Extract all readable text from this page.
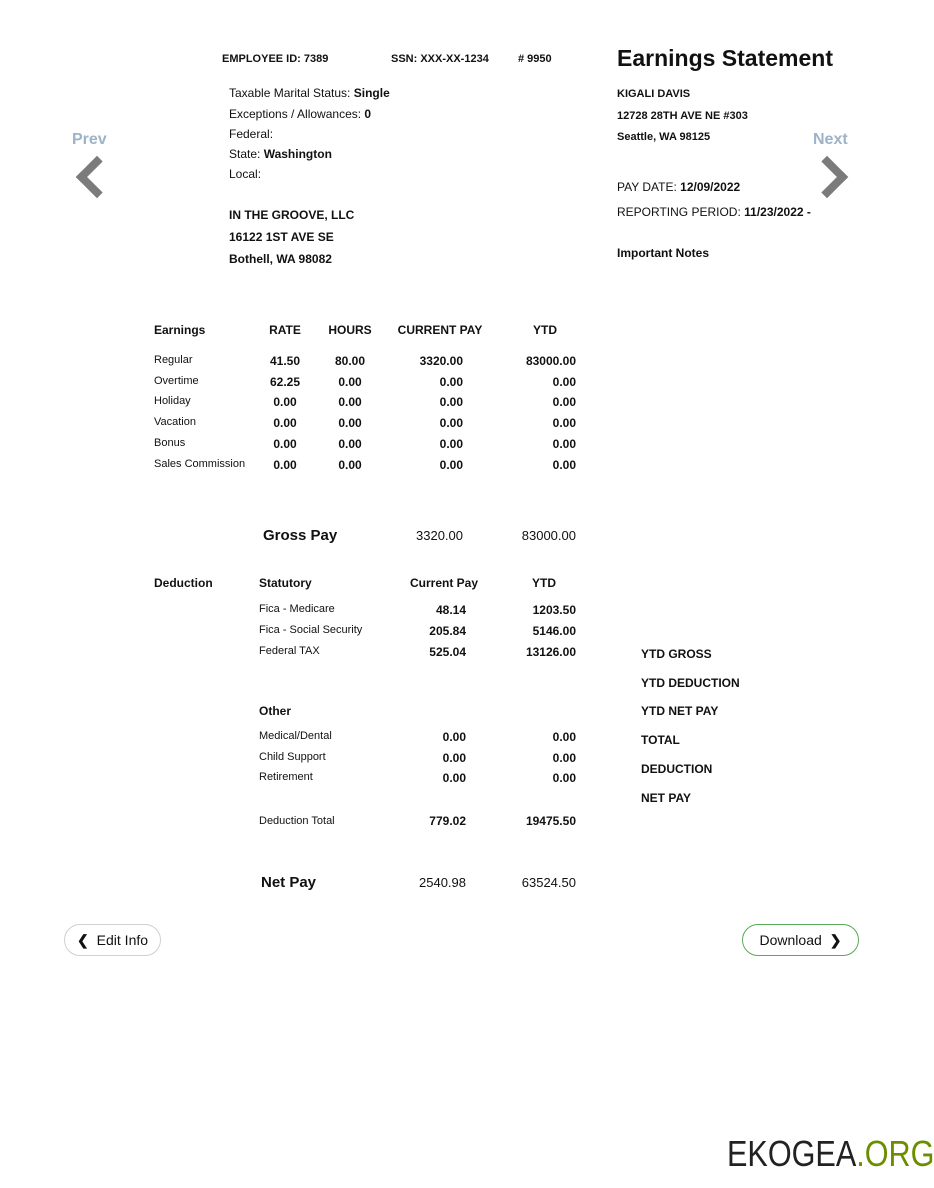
EMPLOYEE ID: 7389	SSN: XXX-XX-1234	# 9950	Earnings Statement
Taxable Marital Status: Single
Exceptions / Allowances: 0
Federal:
State: Washington
Local:
IN THE GROOVE, LLC
16122 1ST AVE SE
Bothell, WA 98082
KIGALI DAVIS
12728 28TH AVE NE #303
Seattle, WA 98125
PAY DATE: 12/09/2022
REPORTING PERIOD: 11/23/2022 -
Important Notes
Prev	Next
Earnings	RATE	HOURS	CURRENT PAY	YTD
Regular	41.50	80.00	3320.00	83000.00
Overtime	62.25	0.00	0.00	0.00
Holiday	0.00	0.00	0.00	0.00
Vacation	0.00	0.00	0.00	0.00
Bonus	0.00	0.00	0.00	0.00
Sales Commission	0.00	0.00	0.00	0.00
Gross Pay	3320.00	83000.00
Deduction	Statutory	Current Pay	YTD
Fica - Medicare	48.14	1203.50
Fica - Social Security	205.84	5146.00
Federal TAX	525.04	13126.00
Other
Medical/Dental	0.00	0.00
Child Support	0.00	0.00
Retirement	0.00	0.00
Deduction Total	779.02	19475.50
Net Pay	2540.98	63524.50
YTD GROSS
YTD DEDUCTION
YTD NET PAY
TOTAL
DEDUCTION
NET PAY
❮ Edit Info	Download ❯
EKOGEA.ORG
